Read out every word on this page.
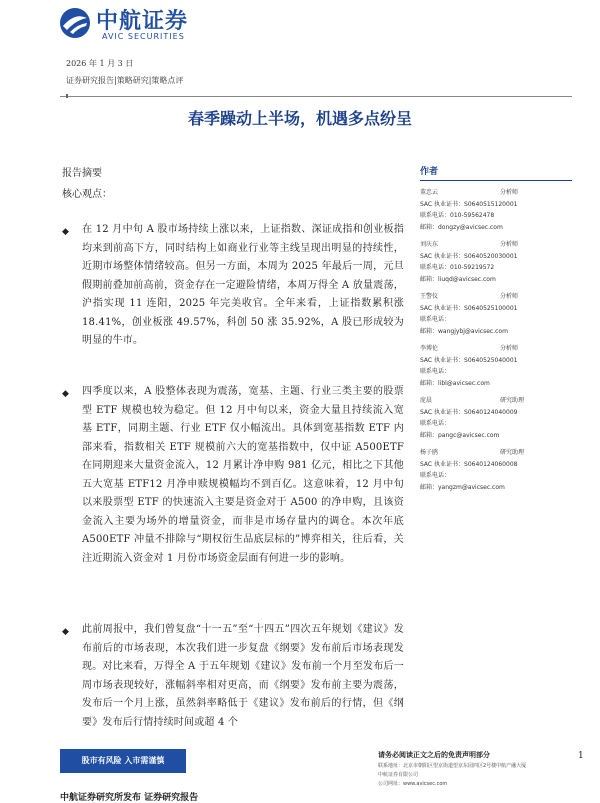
中航证券
AVIC SECURITIES
2026 年 1 月 3 日
证券研究报告|策略研究|策略点评
春季躁动上半场，机遇多点纷呈
报告摘要
核心观点：
◆ 在 12 月中旬 A 股市场持续上涨以来，上证指数、深证成指和创业板指均来到前高下方，同时结构上如商业行业等主线呈现出明显的持续性，近期市场整体情绪较高。但另一方面，本周为 2025 年最后一周，元旦假期前叠加前高前，资金存在一定避险情绪，本周万得全 A 放量震荡，沪指实现 11 连阳，2025 年完美收官。全年来看，上证指数累积涨 18.41%，创业板涨 49.57%，科创 50 涨 35.92%，A 股已形成较为明显的牛市。
◆ 四季度以来，A 股整体表现为震荡，宽基、主题、行业三类主要的股票型 ETF 规模也较为稳定。但 12 月中旬以来，资金大量且持续流入宽基 ETF，同期主题、行业 ETF 仅小幅流出。具体到宽基指数 ETF 内部来看，指数相关 ETF 规模前六大的宽基指数中，仅中证 A500ETF 在同期迎来大量资金流入，12 月累计净申购 981 亿元，相比之下其他五大宽基 ETF12 月净申赎规模幅均不到百亿。这意味着，12 月中旬以来股票型 ETF 的快速流入主要是资金对于 A500 的净申购，且该资金流入主要为场外的增量资金，而非是市场存量内的调仓。本次年底 A500ETF 冲量不排除与“期权衍生品底层标的”博弈相关，往后看，关注近期流入资金对 1 月份市场资金层面有何进一步的影响。
◆ 此前周报中，我们曾复盘“十一五”至“十四五”四次五年规划《建议》发布前后的市场表现，本次我们进一步复盘《纲要》发布前后市场表现发现。对比来看，万得全 A 于五年规划《建议》发布前一个月至发布后一周市场表现较好，涨幅斜率相对更高，而《纲要》发布前主要为震荡，发布后一个月上涨，虽然斜率略低于《建议》发布前后的行情，但《纲要》发布后行情持续时间或超 4 个
作者
董忠云	分析师
SAC 执业证书：S0640515120001
联系电话：010-59562478
邮箱：dongzy@avicsec.com
刘庆东	分析师
SAC 执业证书：S0640520030001
联系电话：010-59219572
邮箱：liuqd@avicsec.com
王警仪	分析师
SAC 执业证书：S0640525100001
联系电话：
邮箱：wangjybj@avicsec.com
李博伦	分析师
SAC 执业证书：S0640525040001
联系电话：
邮箱：libl@avicsec.com
庞晨	研究助理
SAC 执业证书：S0640124040009
联系电话：
邮箱：pangc@avicsec.com
杨子鸥	研究助理
SAC 执业证书：S0640124060008
联系电话：
邮箱：yangzm@avicsec.com
股市有风险 入市需谨慎	请务必阅读正文之后的免责声明部分
联系地址：北京市朝阳区望京街道望京东园四区2号楼中航产融大厦
中航证券有限公司
公司网址：www.avicsec.com
1
中航证券研究所发布 证券研究报告
